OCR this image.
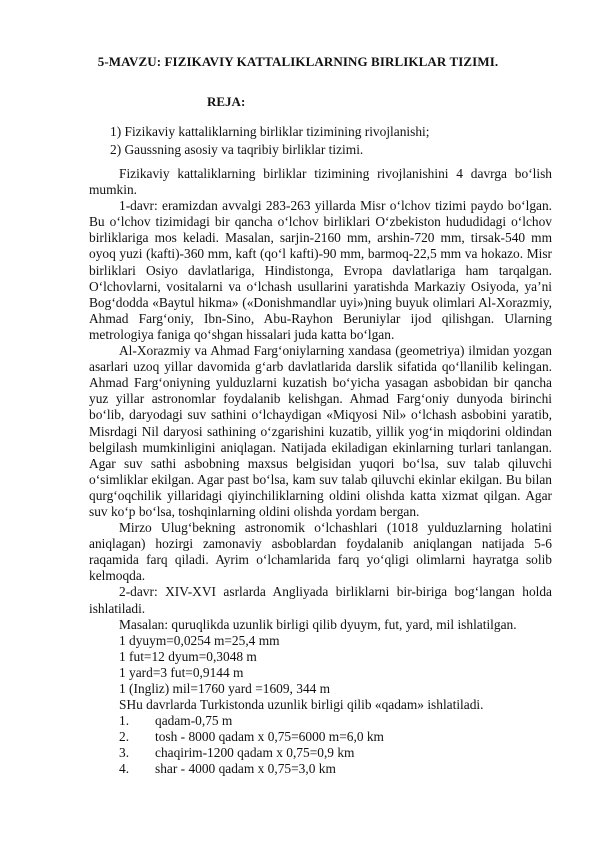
5-MAVZU: FIZIKAVIY KATTALIKLARNING BIRLIKLAR TIZIMI.
REJA:
1) Fizikaviy kattaliklarning birliklar tizimining rivojlanishi;
2) Gaussning asosiy va taqribiy birliklar tizimi.

Fizikaviy kattaliklarning birliklar tizimining rivojlanishini 4 davrga bo‘lish mumkin.

1-davr: eramizdan avvalgi 283-263 yillarda Misr o‘lchov tizimi paydo bo‘lgan. Bu o‘lchov tizimidagi bir qancha o‘lchov birliklari O‘zbekiston hududidagi o‘lchov birliklariga mos keladi. Masalan, sarjin-2160 mm, arshin-720 mm, tirsak-540 mm oyoq yuzi (kafti)-360 mm, kaft (qo‘l kafti)-90 mm, barmoq-22,5 mm va hokazo. Misr birliklari Osiyo davlatlariga, Hindistonga, Evropa davlatlariga ham tarqalgan. O‘lchovlarni, vositalarni va o‘lchash usullarini yaratishda Markaziy Osiyoda, ya’ni Bog‘dodda «Baytul hikma» («Donishmandlar uyi»)ning buyuk olimlari Al-Xorazmiy, Ahmad Farg‘oniy, Ibn-Sino, Abu-Rayhon Beruniylar ijod qilishgan. Ularning metrologiya faniga qo‘shgan hissalari juda katta bo‘lgan.

Al-Xorazmiy va Ahmad Farg‘oniylarning xandasa (geometriya) ilmidan yozgan asarlari uzoq yillar davomida g‘arb davlatlarida darslik sifatida qo‘llanilib kelingan. Ahmad Farg‘oniyning yulduzlarni kuzatish bo‘yicha yasagan asbobidan bir qancha yuz yillar astronomlar foydalanib kelishgan. Ahmad Farg‘oniy dunyoda birinchi bo‘lib, daryodagi suv sathini o‘lchaydigan «Miqyosi Nil» o‘lchash asbobini yaratib, Misrdagi Nil daryosi sathining o‘zgarishini kuzatib, yillik yog‘in miqdorini oldindan belgilash mumkinligini aniqlagan. Natijada ekiladigan ekinlarning turlari tanlangan. Agar suv sathi asbobning maxsus belgisidan yuqori bo‘lsa, suv talab qiluvchi o‘simliklar ekilgan. Agar past bo‘lsa, kam suv talab qiluvchi ekinlar ekilgan. Bu bilan qurg‘oqchilik yillaridagi qiyinchiliklarning oldini olishda katta xizmat qilgan. Agar suv ko‘p bo‘lsa, toshqinlarning oldini olishda yordam bergan.

Mirzo Ulug‘bekning astronomik o‘lchashlari (1018 yulduzlarning holatini aniqlagan) hozirgi zamonaviy asboblardan foydalanib aniqlangan natijada 5-6 raqamida farq qiladi. Ayrim o‘lchamlarida farq yo‘qligi olimlarni hayratga solib kelmoqda.

2-davr: XIV-XVI asrlarda Angliyada birliklarni bir-biriga bog‘langan holda ishlatiladi.

Masalan: quruqlikda uzunlik birligi qilib dyuym, fut, yard, mil ishlatilgan.

1 dyuym=0,0254 m=25,4 mm

1 fut=12 dyum=0,3048 m

1 yard=3 fut=0,9144 m

1 (Ingliz) mil=1760 yard =1609, 344 m

SHu davrlarda Turkistonda uzunlik birligi qilib «qadam» ishlatiladi.

1.	qadam-0,75 m
2.	tosh - 8000 qadam x 0,75=6000 m=6,0 km
3.	chaqirim-1200 qadam x 0,75=0,9 km
4.	shar - 4000 qadam x 0,75=3,0 km
